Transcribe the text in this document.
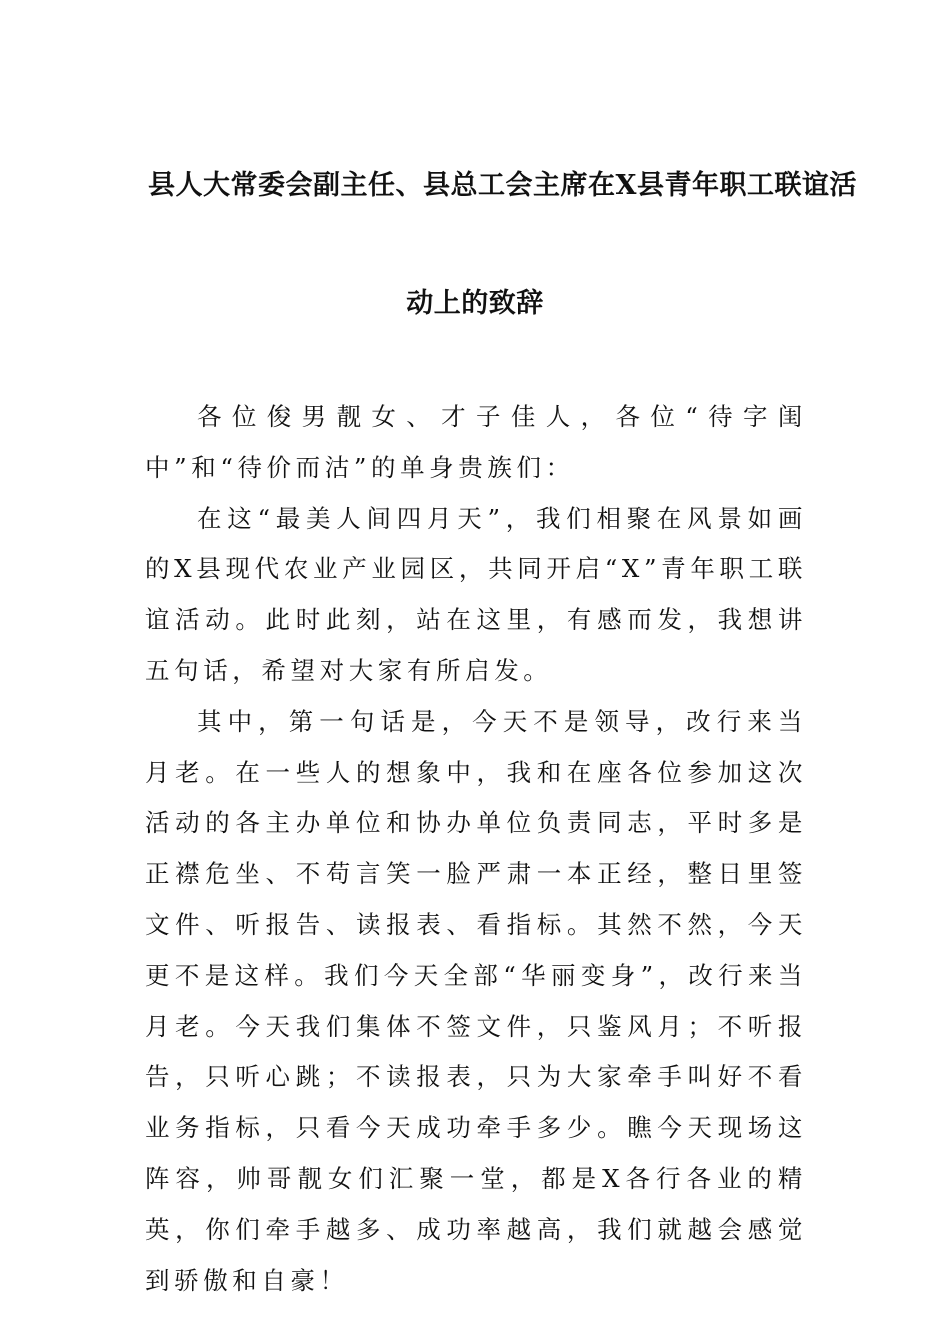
县人大常委会副主任、县总工会主席在X县青年职工联谊活
动上的致辞

各位俊男靓女、才子佳人，各位“待字闺中”和“待价而沽”的单身贵族们：

在这“最美人间四月天”，我们相聚在风景如画的X县现代农业产业园区，共同开启“X”青年职工联谊活动。此时此刻，站在这里，有感而发，我想讲五句话，希望对大家有所启发。

其中，第一句话是，今天不是领导，改行来当月老。在一些人的想象中，我和在座各位参加这次活动的各主办单位和协办单位负责同志，平时多是正襟危坐、不苟言笑一脸严肃一本正经，整日里签文件、听报告、读报表、看指标。其然不然，今天更不是这样。我们今天全部“华丽变身”，改行来当月老。今天我们集体不签文件，只鉴风月；不听报告，只听心跳；不读报表，只为大家牵手叫好不看业务指标，只看今天成功牵手多少。瞧今天现场这阵容，帅哥靓女们汇聚一堂，都是X各行各业的精英，你们牵手越多、成功率越高，我们就越会感觉到骄傲和自豪！
